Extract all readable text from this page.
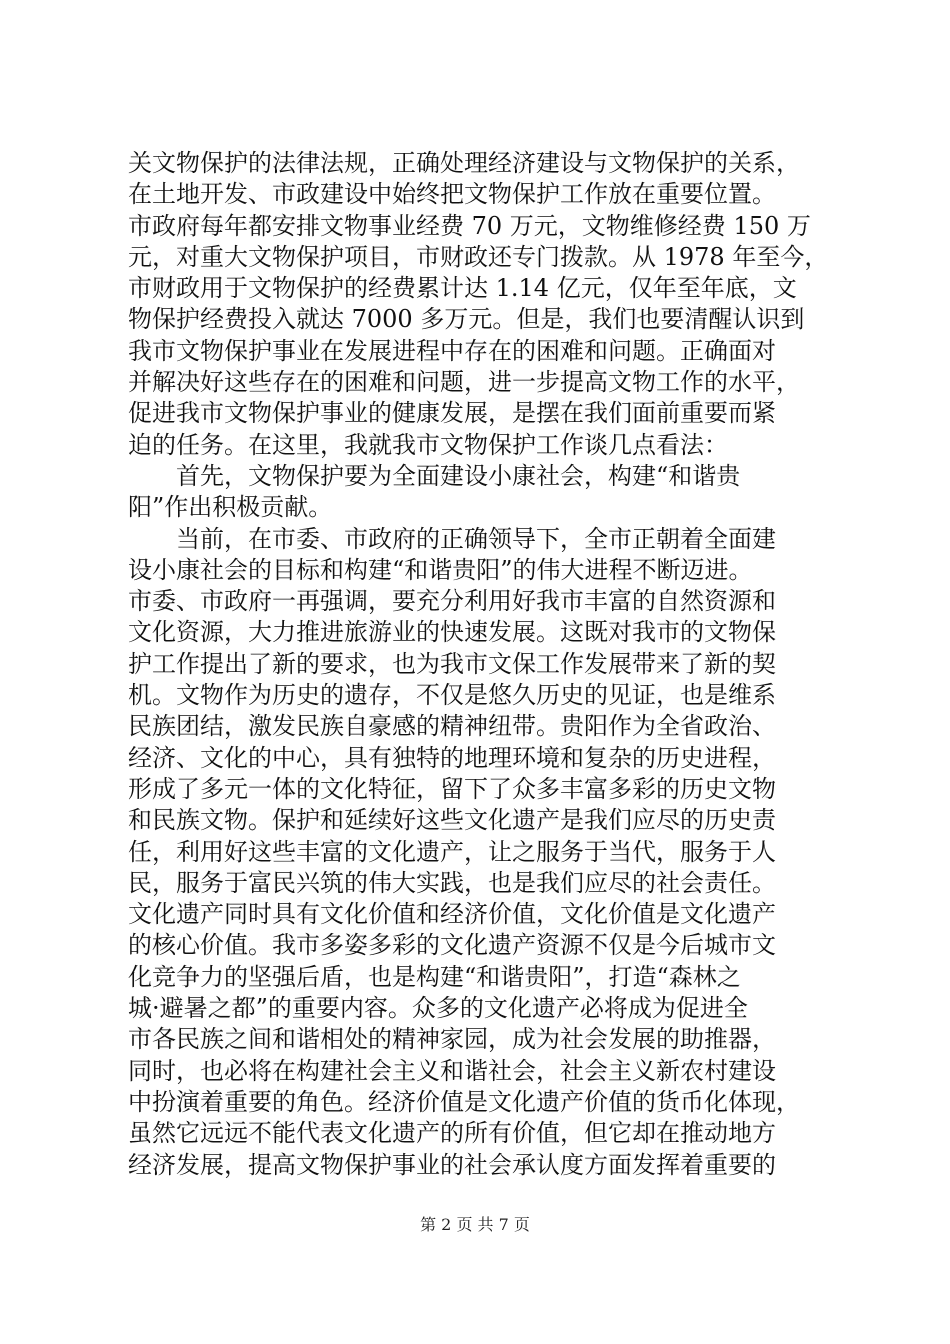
关文物保护的法律法规，正确处理经济建设与文物保护的关系，
在土地开发、市政建设中始终把文物保护工作放在重要位置。
市政府每年都安排文物事业经费 70 万元，文物维修经费 150 万
元，对重大文物保护项目，市财政还专门拨款。从 1978 年至今，
市财政用于文物保护的经费累计达 1.14 亿元，仅年至年底，文
物保护经费投入就达 7000 多万元。但是，我们也要清醒认识到
我市文物保护事业在发展进程中存在的困难和问题。正确面对
并解决好这些存在的困难和问题，进一步提高文物工作的水平，
促进我市文物保护事业的健康发展，是摆在我们面前重要而紧
迫的任务。在这里，我就我市文物保护工作谈几点看法：
　　首先，文物保护要为全面建设小康社会，构建“和谐贵
阳”作出积极贡献。
　　当前，在市委、市政府的正确领导下，全市正朝着全面建
设小康社会的目标和构建“和谐贵阳”的伟大进程不断迈进。
市委、市政府一再强调，要充分利用好我市丰富的自然资源和
文化资源，大力推进旅游业的快速发展。这既对我市的文物保
护工作提出了新的要求，也为我市文保工作发展带来了新的契
机。文物作为历史的遗存，不仅是悠久历史的见证，也是维系
民族团结，激发民族自豪感的精神纽带。贵阳作为全省政治、
经济、文化的中心，具有独特的地理环境和复杂的历史进程，
形成了多元一体的文化特征，留下了众多丰富多彩的历史文物
和民族文物。保护和延续好这些文化遗产是我们应尽的历史责
任，利用好这些丰富的文化遗产，让之服务于当代，服务于人
民，服务于富民兴筑的伟大实践，也是我们应尽的社会责任。
文化遗产同时具有文化价值和经济价值，文化价值是文化遗产
的核心价值。我市多姿多彩的文化遗产资源不仅是今后城市文
化竞争力的坚强后盾，也是构建“和谐贵阳”，打造“森林之
城·避暑之都”的重要内容。众多的文化遗产必将成为促进全
市各民族之间和谐相处的精神家园，成为社会发展的助推器，
同时，也必将在构建社会主义和谐社会，社会主义新农村建设
中扮演着重要的角色。经济价值是文化遗产价值的货币化体现，
虽然它远远不能代表文化遗产的所有价值，但它却在推动地方
经济发展，提高文物保护事业的社会承认度方面发挥着重要的
第 2 页 共 7 页
